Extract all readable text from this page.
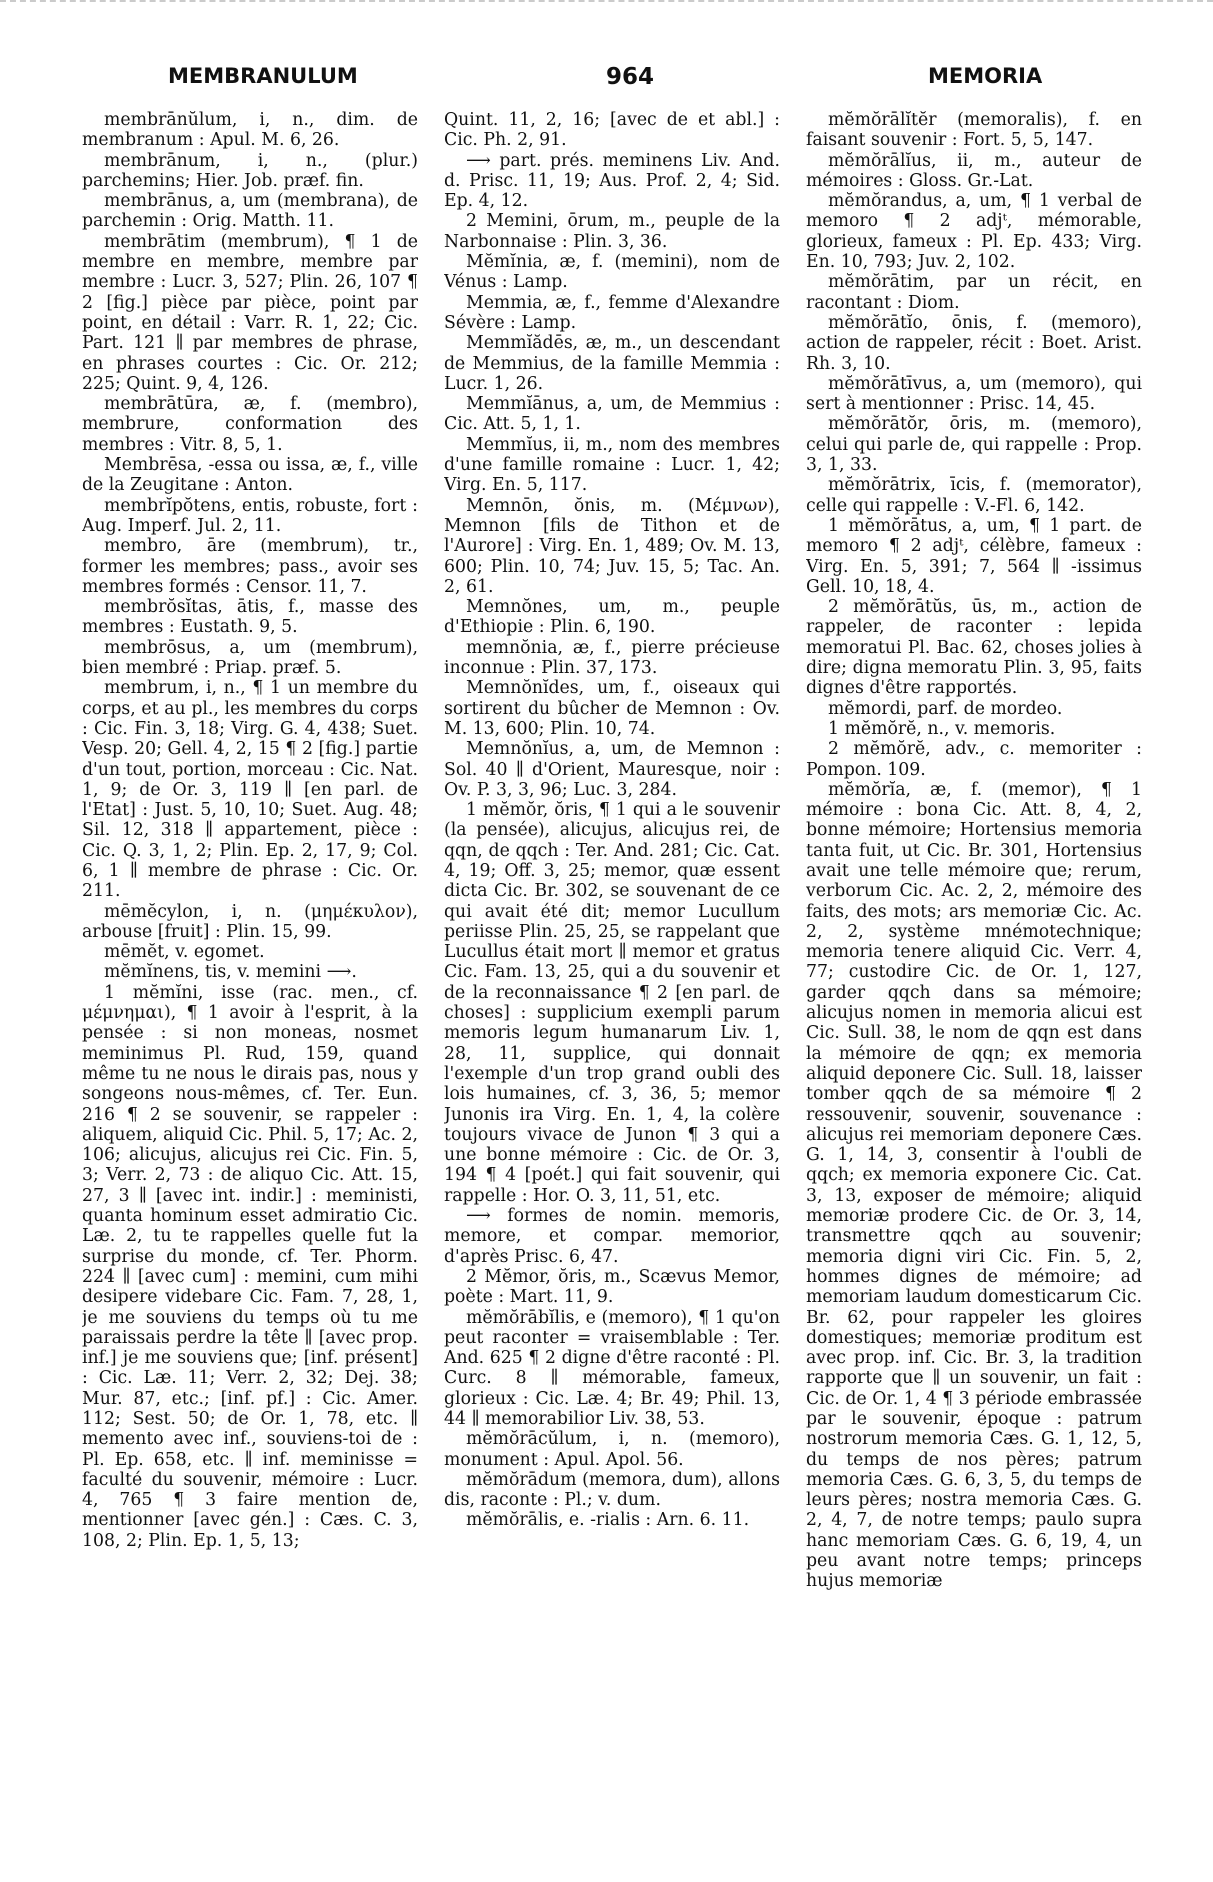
MEMBRANULUM	964	MEMORIA

membrānŭlum, i, n., dim. de membranum : Apul. M. 6, 26.

membrānum, i, n., (plur.) parchemins; Hier. Job. præf. fin.

membrānus, a, um (membrana), de parchemin : Orig. Matth. 11.

membrātim (membrum), ¶ 1 de membre en membre, membre par membre : Lucr. 3, 527; Plin. 26, 107 ¶ 2 [fig.] pièce par pièce, point par point, en détail : Varr. R. 1, 22; Cic. Part. 121 ∥ par membres de phrase, en phrases courtes : Cic. Or. 212; 225; Quint. 9, 4, 126.

membrātūra, æ, f. (membro), membrure, conformation des membres : Vitr. 8, 5, 1.

Membrēsa, -essa ou issa, æ, f., ville de la Zeugitane : Anton.

membrĭpŏtens, entis, robuste, fort : Aug. Imperf. Jul. 2, 11.

membro, āre (membrum), tr., former les membres; pass., avoir ses membres formés : Censor. 11, 7.

membrŏsĭtas, ātis, f., masse des membres : Eustath. 9, 5.

membrōsus, a, um (membrum), bien membré : Priap. præf. 5.

membrum, i, n., ¶ 1 un membre du corps, et au pl., les membres du corps : Cic. Fin. 3, 18; Virg. G. 4, 438; Suet. Vesp. 20; Gell. 4, 2, 15 ¶ 2 [fig.] partie d'un tout, portion, morceau : Cic. Nat. 1, 9; de Or. 3, 119 ∥ [en parl. de l'Etat] : Just. 5, 10, 10; Suet. Aug. 48; Sil. 12, 318 ∥ appartement, pièce : Cic. Q. 3, 1, 2; Plin. Ep. 2, 17, 9; Col. 6, 1 ∥ membre de phrase : Cic. Or. 211.

mēmĕcylon, i, n. (μημέκυλον), arbouse [fruit] : Plin. 15, 99.

mēmĕt, v. egomet.

mĕmĭnens, tis, v. memini ⟶.

1 mĕmĭni, isse (rac. men., cf. μέμνημαι), ¶ 1 avoir à l'esprit, à la pensée : si non moneas, nosmet meminimus Pl. Rud, 159, quand même tu ne nous le dirais pas, nous y songeons nous-mêmes, cf. Ter. Eun. 216 ¶ 2 se souvenir, se rappeler : aliquem, aliquid Cic. Phil. 5, 17; Ac. 2, 106; alicujus, alicujus rei Cic. Fin. 5, 3; Verr. 2, 73 : de aliquo Cic. Att. 15, 27, 3 ∥ [avec int. indir.] : meministi, quanta hominum esset admiratio Cic. Læ. 2, tu te rappelles quelle fut la surprise du monde, cf. Ter. Phorm. 224 ∥ [avec cum] : memini, cum mihi desipere videbare Cic. Fam. 7, 28, 1, je me souviens du temps où tu me paraissais perdre la tête ∥ [avec prop. inf.] je me souviens que; [inf. présent] : Cic. Læ. 11; Verr. 2, 32; Dej. 38; Mur. 87, etc.; [inf. pf.] : Cic. Amer. 112; Sest. 50; de Or. 1, 78, etc. ∥ memento avec inf., souviens-toi de : Pl. Ep. 658, etc. ∥ inf. meminisse = faculté du souvenir, mémoire : Lucr. 4, 765 ¶ 3 faire mention de, mentionner [avec gén.] : Cæs. C. 3, 108, 2; Plin. Ep. 1, 5, 13;

Quint. 11, 2, 16; [avec de et abl.] : Cic. Ph. 2, 91.

⟶ part. prés. meminens Liv. And. d. Prisc. 11, 19; Aus. Prof. 2, 4; Sid. Ep. 4, 12.

2 Memini, ōrum, m., peuple de la Narbonnaise : Plin. 3, 36.

Mĕmĭnia, æ, f. (memini), nom de Vénus : Lamp.

Memmia, æ, f., femme d'Alexandre Sévère : Lamp.

Memmĭădēs, æ, m., un descendant de Memmius, de la famille Memmia : Lucr. 1, 26.

Memmĭānus, a, um, de Memmius : Cic. Att. 5, 1, 1.

Memmĭus, ii, m., nom des membres d'une famille romaine : Lucr. 1, 42; Virg. En. 5, 117.

Memnōn, ŏnis, m. (Μέμνων), Memnon [fils de Tithon et de l'Aurore] : Virg. En. 1, 489; Ov. M. 13, 600; Plin. 10, 74; Juv. 15, 5; Tac. An. 2, 61.

Memnŏnes, um, m., peuple d'Ethiopie : Plin. 6, 190.

memnŏnia, æ, f., pierre précieuse inconnue : Plin. 37, 173.

Memnŏnĭdes, um, f., oiseaux qui sortirent du bûcher de Memnon : Ov. M. 13, 600; Plin. 10, 74.

Memnŏnĭus, a, um, de Memnon : Sol. 40 ∥ d'Orient, Mauresque, noir : Ov. P. 3, 3, 96; Luc. 3, 284.

1 mĕmŏr, ŏris, ¶ 1 qui a le souvenir (la pensée), alicujus, alicujus rei, de qqn, de qqch : Ter. And. 281; Cic. Cat. 4, 19; Off. 3, 25; memor, quæ essent dicta Cic. Br. 302, se souvenant de ce qui avait été dit; memor Lucullum periisse Plin. 25, 25, se rappelant que Lucullus était mort ∥ memor et gratus Cic. Fam. 13, 25, qui a du souvenir et de la reconnaissance ¶ 2 [en parl. de choses] : supplicium exempli parum memoris legum humanarum Liv. 1, 28, 11, supplice, qui donnait l'exemple d'un trop grand oubli des lois humaines, cf. 3, 36, 5; memor Junonis ira Virg. En. 1, 4, la colère toujours vivace de Junon ¶ 3 qui a une bonne mémoire : Cic. de Or. 3, 194 ¶ 4 [poét.] qui fait souvenir, qui rappelle : Hor. O. 3, 11, 51, etc.

⟶ formes de nomin. memoris, memore, et compar. memorior, d'après Prisc. 6, 47.

2 Mĕmor, ŏris, m., Scævus Memor, poète : Mart. 11, 9.

mĕmŏrābĭlis, e (memoro), ¶ 1 qu'on peut raconter = vraisemblable : Ter. And. 625 ¶ 2 digne d'être raconté : Pl. Curc. 8 ∥ mémorable, fameux, glorieux : Cic. Læ. 4; Br. 49; Phil. 13, 44 ∥ memorabilior Liv. 38, 53.

mĕmŏrācŭlum, i, n. (memoro), monument : Apul. Apol. 56.

mĕmŏrādum (memora, dum), allons dis, raconte : Pl.; v. dum.

mĕmŏrālis, e. -rialis : Arn. 6. 11.

mĕmŏrālĭtĕr (memoralis), f. en faisant souvenir : Fort. 5, 5, 147.

mĕmŏrālĭus, ii, m., auteur de mémoires : Gloss. Gr.-Lat.

mĕmŏrandus, a, um, ¶ 1 verbal de memoro ¶ 2 adjᵗ, mémorable, glorieux, fameux : Pl. Ep. 433; Virg. En. 10, 793; Juv. 2, 102.

mĕmŏrātim, par un récit, en racontant : Diom.

mĕmŏrātĭo, ōnis, f. (memoro), action de rappeler, récit : Boet. Arist. Rh. 3, 10.

mĕmŏrātīvus, a, um (memoro), qui sert à mentionner : Prisc. 14, 45.

mĕmŏrātŏr, ōris, m. (memoro), celui qui parle de, qui rappelle : Prop. 3, 1, 33.

mĕmŏrātrix, īcis, f. (memorator), celle qui rappelle : V.-Fl. 6, 142.

1 mĕmŏrātus, a, um, ¶ 1 part. de memoro ¶ 2 adjᵗ, célèbre, fameux : Virg. En. 5, 391; 7, 564 ∥ -issimus Gell. 10, 18, 4.

2 mĕmŏrātŭs, ūs, m., action de rappeler, de raconter : lepida memoratui Pl. Bac. 62, choses jolies à dire; digna memoratu Plin. 3, 95, faits dignes d'être rapportés.

mĕmordi, parf. de mordeo.

1 mĕmŏrĕ, n., v. memoris.

2 mĕmŏrĕ, adv., c. memoriter : Pompon. 109.

mĕmŏrĭa, æ, f. (memor), ¶ 1 mémoire : bona Cic. Att. 8, 4, 2, bonne mémoire; Hortensius memoria tanta fuit, ut Cic. Br. 301, Hortensius avait une telle mémoire que; rerum, verborum Cic. Ac. 2, 2, mémoire des faits, des mots; ars memoriæ Cic. Ac. 2, 2, système mnémotechnique; memoria tenere aliquid Cic. Verr. 4, 77; custodire Cic. de Or. 1, 127, garder qqch dans sa mémoire; alicujus nomen in memoria alicui est Cic. Sull. 38, le nom de qqn est dans la mémoire de qqn; ex memoria aliquid deponere Cic. Sull. 18, laisser tomber qqch de sa mémoire ¶ 2 ressouvenir, souvenir, souvenance : alicujus rei memoriam deponere Cæs. G. 1, 14, 3, consentir à l'oubli de qqch; ex memoria exponere Cic. Cat. 3, 13, exposer de mémoire; aliquid memoriæ prodere Cic. de Or. 3, 14, transmettre qqch au souvenir; memoria digni viri Cic. Fin. 5, 2, hommes dignes de mémoire; ad memoriam laudum domesticarum Cic. Br. 62, pour rappeler les gloires domestiques; memoriæ proditum est avec prop. inf. Cic. Br. 3, la tradition rapporte que ∥ un souvenir, un fait : Cic. de Or. 1, 4 ¶ 3 période embrassée par le souvenir, époque : patrum nostrorum memoria Cæs. G. 1, 12, 5, du temps de nos pères; patrum memoria Cæs. G. 6, 3, 5, du temps de leurs pères; nostra memoria Cæs. G. 2, 4, 7, de notre temps; paulo supra hanc memoriam Cæs. G. 6, 19, 4, un peu avant notre temps; princeps hujus memoriæ
